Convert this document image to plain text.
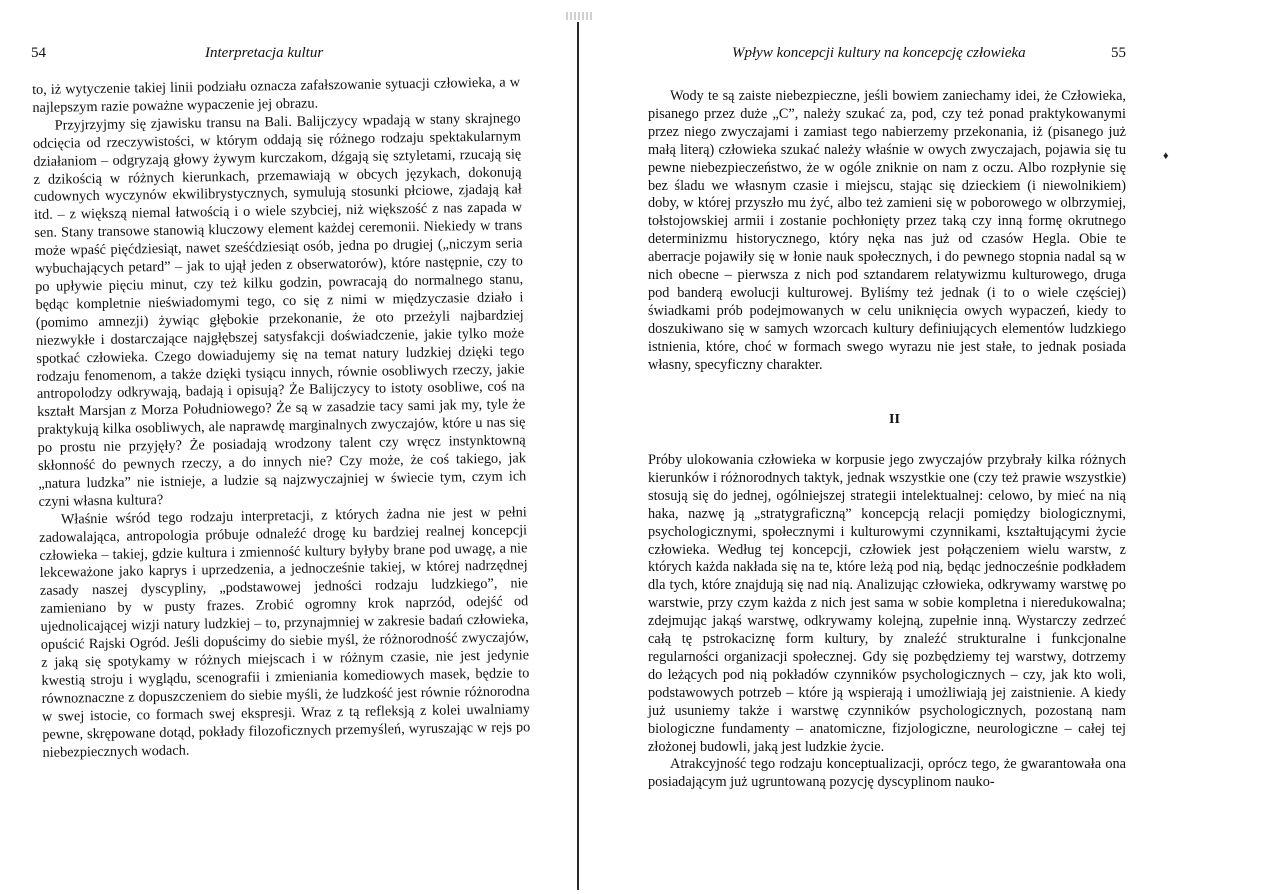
54	Interpretacja kultur

to, iż wytyczenie takiej linii podziału oznacza zafałszowanie sytuacji człowieka, a w najlepszym razie poważne wypaczenie jej obrazu.

Przyjrzyjmy się zjawisku transu na Bali. Balijczycy wpadają w stany skrajnego odcięcia od rzeczywistości, w którym oddają się różnego rodzaju spektakularnym działaniom – odgryzają głowy żywym kurczakom, dźgają się sztyletami, rzucają się z dzikością w różnych kierunkach, przemawiają w obcych językach, dokonują cudownych wyczynów ekwilibrystycznych, symulują stosunki płciowe, zjadają kał itd. – z większą niemal łatwością i o wiele szybciej, niż większość z nas zapada w sen. Stany transowe stanowią kluczowy element każdej ceremonii. Niekiedy w trans może wpaść pięćdziesiąt, nawet sześćdziesiąt osób, jedna po drugiej („niczym seria wybuchających petard” – jak to ujął jeden z obserwatorów), które następnie, czy to po upływie pięciu minut, czy też kilku godzin, powracają do normalnego stanu, będąc kompletnie nieświadomymi tego, co się z nimi w międzyczasie działo i (pomimo amnezji) żywiąc głębokie przekonanie, że oto przeżyli najbardziej niezwykłe i dostarczające najgłębszej satysfakcji doświadczenie, jakie tylko może spotkać człowieka. Czego dowiadujemy się na temat natury ludzkiej dzięki tego rodzaju fenomenom, a także dzięki tysiącu innych, równie osobliwych rzeczy, jakie antropolodzy odkrywają, badają i opisują? Że Balijczycy to istoty osobliwe, coś na kształt Marsjan z Morza Południowego? Że są w zasadzie tacy sami jak my, tyle że praktykują kilka osobliwych, ale naprawdę marginalnych zwyczajów, które u nas się po prostu nie przyjęły? Że posiadają wrodzony talent czy wręcz instynktowną skłonność do pewnych rzeczy, a do innych nie? Czy może, że coś takiego, jak „natura ludzka” nie istnieje, a ludzie są najzwyczajniej w świecie tym, czym ich czyni własna kultura?

Właśnie wśród tego rodzaju interpretacji, z których żadna nie jest w pełni zadowalająca, antropologia próbuje odnaleźć drogę ku bardziej realnej koncepcji człowieka – takiej, gdzie kultura i zmienność kultury byłyby brane pod uwagę, a nie lekceważone jako kaprys i uprzedzenia, a jednocześnie takiej, w której nadrzędnej zasady naszej dyscypliny, „podstawowej jedności rodzaju ludzkiego”, nie zamieniano by w pusty frazes. Zrobić ogromny krok naprzód, odejść od ujednolicającej wizji natury ludzkiej – to, przynajmniej w zakresie badań człowieka, opuścić Rajski Ogród. Jeśli dopuścimy do siebie myśl, że różnorodność zwyczajów, z jaką się spotykamy w różnych miejscach i w różnym czasie, nie jest jedynie kwestią stroju i wyglądu, scenografii i zmieniania komediowych masek, będzie to równoznaczne z dopuszczeniem do siebie myśli, że ludzkość jest równie różnorodna w swej istocie, co formach swej ekspresji. Wraz z tą refleksją z kolei uwalniamy pewne, skrępowane dotąd, pokłady filozoficznych przemyśleń, wyruszając w rejs po niebezpiecznych wodach.

Wpływ koncepcji kultury na koncepcję człowieka	55
♦

Wody te są zaiste niebezpieczne, jeśli bowiem zaniechamy idei, że Człowieka, pisanego przez duże „C”, należy szukać za, pod, czy też ponad praktykowanymi przez niego zwyczajami i zamiast tego nabierzemy przekonania, iż (pisanego już małą literą) człowieka szukać należy właśnie w owych zwyczajach, pojawia się tu pewne niebezpieczeństwo, że w ogóle zniknie on nam z oczu. Albo rozpłynie się bez śladu we własnym czasie i miejscu, stając się dzieckiem (i niewolnikiem) doby, w której przyszło mu żyć, albo też zamieni się w poborowego w olbrzymiej, tołstojowskiej armii i zostanie pochłonięty przez taką czy inną formę okrutnego determinizmu historycznego, który nęka nas już od czasów Hegla. Obie te aberracje pojawiły się w łonie nauk społecznych, i do pewnego stopnia nadal są w nich obecne – pierwsza z nich pod sztandarem relatywizmu kulturowego, druga pod banderą ewolucji kulturowej. Byliśmy też jednak (i to o wiele częściej) świadkami prób podejmowanych w celu uniknięcia owych wypaczeń, kiedy to doszukiwano się w samych wzorcach kultury definiujących elementów ludzkiego istnienia, które, choć w formach swego wyrazu nie jest stałe, to jednak posiada własny, specyficzny charakter.

II

Próby ulokowania człowieka w korpusie jego zwyczajów przybrały kilka różnych kierunków i różnorodnych taktyk, jednak wszystkie one (czy też prawie wszystkie) stosują się do jednej, ogólniejszej strategii intelektualnej: celowo, by mieć na nią haka, nazwę ją „stratygraficzną” koncepcją relacji pomiędzy biologicznymi, psychologicznymi, społecznymi i kulturowymi czynnikami, kształtującymi życie człowieka. Według tej koncepcji, człowiek jest połączeniem wielu warstw, z których każda nakłada się na te, które leżą pod nią, będąc jednocześnie podkładem dla tych, które znajdują się nad nią. Analizując człowieka, odkrywamy warstwę po warstwie, przy czym każda z nich jest sama w sobie kompletna i nieredukowalna; zdejmując jakąś warstwę, odkrywamy kolejną, zupełnie inną. Wystarczy zedrzeć całą tę pstrokaciznę form kultury, by znaleźć strukturalne i funkcjonalne regularności organizacji społecznej. Gdy się pozbędziemy tej warstwy, dotrzemy do leżących pod nią pokładów czynników psychologicznych – czy, jak kto woli, podstawowych potrzeb – które ją wspierają i umożliwiają jej zaistnienie. A kiedy już usuniemy także i warstwę czynników psychologicznych, pozostaną nam biologiczne fundamenty – anatomiczne, fizjologiczne, neurologiczne – całej tej złożonej budowli, jaką jest ludzkie życie.

Atrakcyjność tego rodzaju konceptualizacji, oprócz tego, że gwarantowała ona posiadającym już ugruntowaną pozycję dyscyplinom nauko-
